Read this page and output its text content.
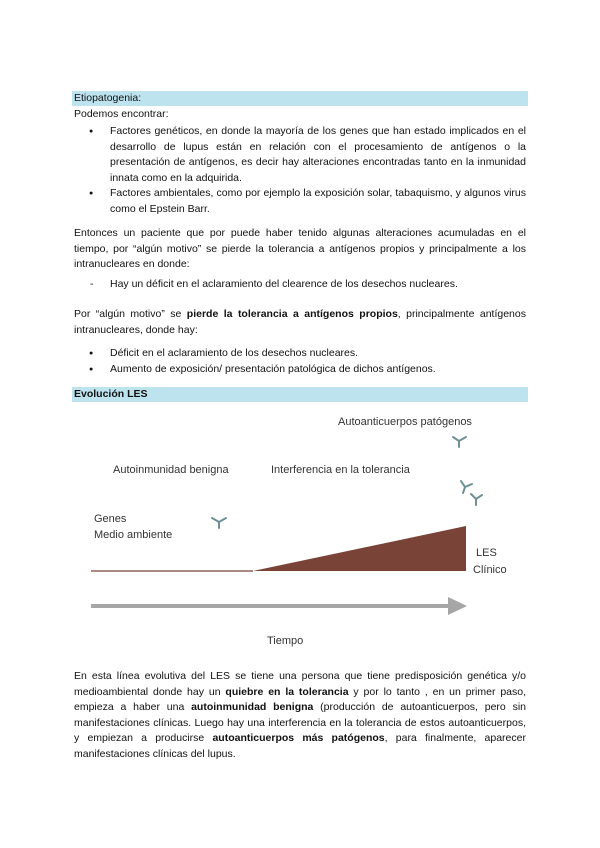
Etiopatogenia:

Podemos encontrar:

● Factores genéticos, en donde la mayoría de los genes que han estado implicados en el desarrollo de lupus están en relación con el procesamiento de antígenos o la presentación de antígenos, es decir hay alteraciones encontradas tanto en la inmunidad innata como en la adquirida.
● Factores ambientales, como por ejemplo la exposición solar, tabaquismo, y algunos virus como el Epstein Barr.

Entonces un paciente que por puede haber tenido algunas alteraciones acumuladas en el tiempo, por “algún motivo” se pierde la tolerancia a antígenos propios y principalmente a los intranucleares en donde:

- Hay un déficit en el aclaramiento del clearence de los desechos nucleares.

Por “algún motivo” se pierde la tolerancia a antígenos propios, principalmente antígenos intranucleares, donde hay:

● Déficit en el aclaramiento de los desechos nucleares.
● Aumento de exposición/ presentación patológica de dichos antígenos.
Evolución LES
Autoanticuerpos patógenos
Autoinmunidad benigna	Interferencia en la tolerancia
Genes
Medio ambiente
LES
Clínico
Tiempo

En esta línea evolutiva del LES se tiene una persona que tiene predisposición genética y/o medioambiental donde hay un quiebre en la tolerancia y por lo tanto , en un primer paso, empieza a haber una autoinmunidad benigna (producción de autoanticuerpos, pero sin manifestaciones clínicas. Luego hay una interferencia en la tolerancia de estos autoanticuerpos, y empiezan a producirse autoanticuerpos más patógenos, para finalmente, aparecer manifestaciones clínicas del lupus.
